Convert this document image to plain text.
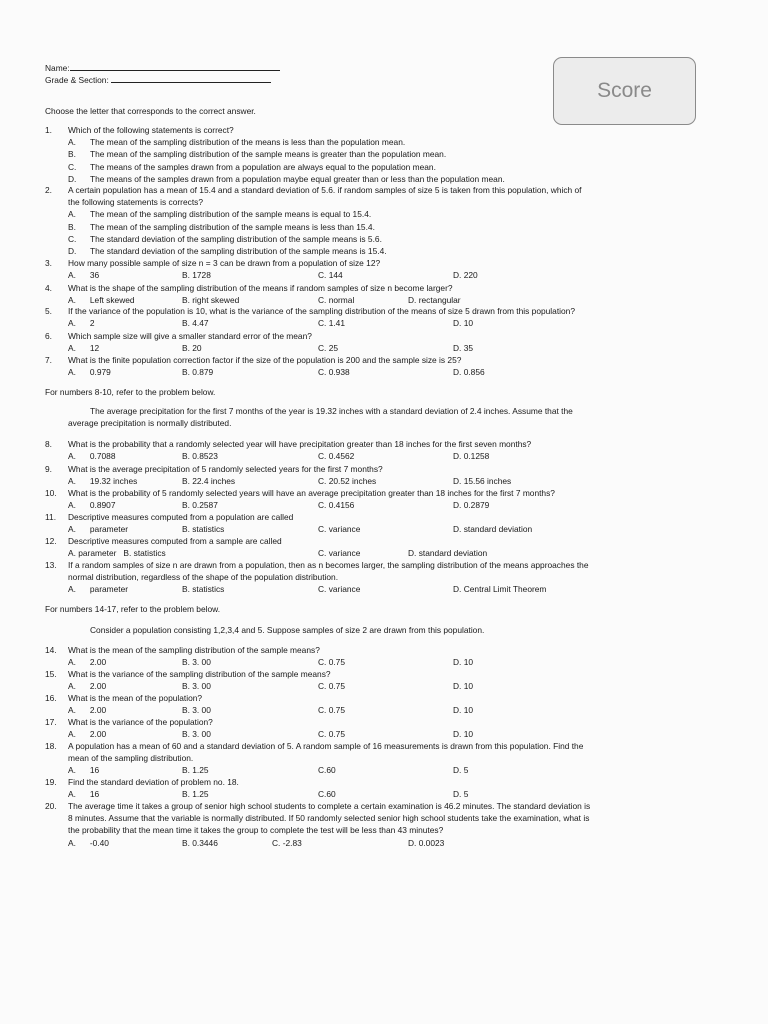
Name:
Grade & Section:	Score
Choose the letter that corresponds to the correct answer.
1. Which of the following statements is correct?
A. The mean of the sampling distribution of the means is less than the population mean.
B. The mean of the sampling distribution of the sample means is greater than the population mean.
C. The means of the samples drawn from a population are always equal to the population mean.
D. The means of the samples drawn from a population maybe equal greater than or less than the population mean.
2. A certain population has a mean of 15.4 and a standard deviation of 5.6. if random samples of size 5 is taken from this population, which of
the following statements is corrects?
A. The mean of the sampling distribution of the sample means is equal to 15.4.
B. The mean of the sampling distribution of the sample means is less than 15.4.
C. The standard deviation of the sampling distribution of the sample means is 5.6.
D. The standard deviation of the sampling distribution of the sample means is 15.4.
3. How many possible sample of size n = 3 can be drawn from a population of size 12?
A.      36	B. 1728	C. 144	D. 220
4. What is the shape of the sampling distribution of the means if random samples of size n become larger?
A.      Left skewed	B. right skewed	C. normal	D. rectangular
5. If the variance of the population is 10, what is the variance of the sampling distribution of the means of size 5 drawn from this population?
A.      2	B. 4.47	C. 1.41	D. 10
6. Which sample size will give a smaller standard error of the mean?
A.      12	B. 20	C. 25	D. 35
7. What is the finite population correction factor if the size of the population is 200 and the sample size is 25?
A.      0.979	B. 0.879	C. 0.938	D. 0.856
8. What is the probability that a randomly selected year will have precipitation greater than 18 inches for the first seven months?
A.      0.7088	B. 0.8523	C. 0.4562	D. 0.1258
9. What is the average precipitation of 5 randomly selected years for the first 7 months?
A.      19.32 inches	B. 22.4 inches	C. 20.52 inches	D. 15.56 inches
10. What is the probability of 5 randomly selected years will have an average precipitation greater than 18 inches for the first 7 months?
A.      0.8907	B. 0.2587	C. 0.4156	D. 0.2879
11. Descriptive measures computed from a population are called
A.      parameter	B. statistics	C. variance	D. standard deviation
12. Descriptive measures computed from a sample are called
A. parameter   B. statistics	C. variance	D. standard deviation
13. If a random samples of size n are drawn from a population, then as n becomes larger, the sampling distribution of the means approaches the
normal distribution, regardless of the shape of the population distribution.
A.      parameter	B. statistics	C. variance	D. Central Limit Theorem
14. What is the mean of the sampling distribution of the sample means?
A.      2.00	B. 3. 00	C. 0.75	D. 10
15. What is the variance of the sampling distribution of the sample means?
A.      2.00	B. 3. 00	C. 0.75	D. 10
16. What is the mean of the population?
A.      2.00	B. 3. 00	C. 0.75	D. 10
17. What is the variance of the population?
A.      2.00	B. 3. 00	C. 0.75	D. 10
18. A population has a mean of 60 and a standard deviation of 5. A random sample of 16 measurements is drawn from this population. Find the
mean of the sampling distribution.
A.      16	B. 1.25	C.60	D. 5
19. Find the standard deviation of problem no. 18.
A.      16	B. 1.25	C.60	D. 5
20. The average time it takes a group of senior high school students to complete a certain examination is 46.2 minutes. The standard deviation is
8 minutes. Assume that the variable is normally distributed. If 50 randomly selected senior high school students take the examination, what is
the probability that the mean time it takes the group to complete the test will be less than 43 minutes?
A.      -0.40	B. 0.3446	C. -2.83	D. 0.0023
For numbers 8-10, refer to the problem below.
The average precipitation for the first 7 months of the year is 19.32 inches with a standard deviation of 2.4 inches. Assume that the
average precipitation is normally distributed.
For numbers 14-17, refer to the problem below.
Consider a population consisting 1,2,3,4 and 5. Suppose samples of size 2 are drawn from this population.
